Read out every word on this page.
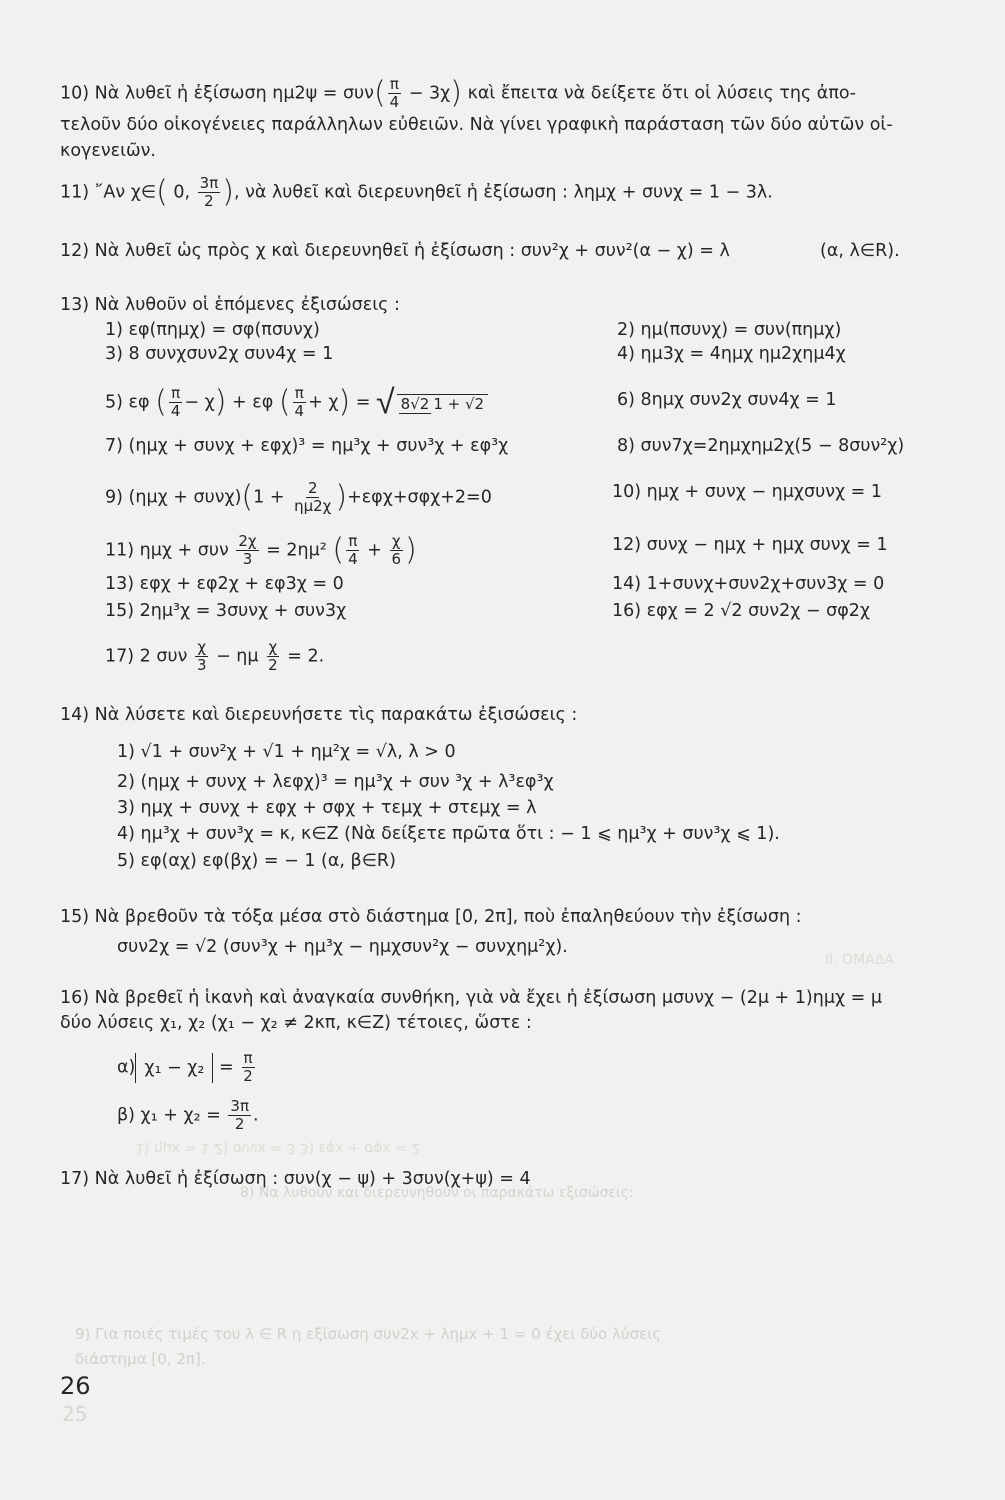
ΙΙ. ΟΜΑΔΑ
1) ημx = 1 2) συνx = 3 3) εφx + σφx = 2
8) Να λυθούν και διερευνηθούν οι παρακάτω εξισώσεις:
9) Για ποιές τιμές του λ ∈ R η εξίσωση συν2x + λημx + 1 = 0 έχει δύο λύσεις
διάστημα [0, 2π].
10) Νὰ λυθεῖ ἡ ἐξίσωση $\eta\mu 2\psi = \sigma\upsilon\nu( \frac{\pi}{4} - 3\chi)$ καὶ ἔπειτα νὰ δείξετε ὅτι οἱ λύσεις της ἀπο-
τελοῦν δύο οἰκογένειες παράλληλων εὐθειῶν. Νὰ γίνει γραφικὴ παράσταση τῶν δύο αὐτῶν οἰ-
κογενειῶν.
11) ῎Αν χ∈( 0, $\frac{3\pi}{2}$ ), νὰ λυθεῖ καὶ διερευνηθεῖ ἡ ἐξίσωση : λημχ + συνχ = 1 − 3λ.
12) Νὰ λυθεῖ ὡς πρὸς χ καὶ διερευνηθεῖ ἡ ἐξίσωση : συν²χ + συν²(α − χ) = λ	(α, λ∈R).
13) Νὰ λυθοῦν οἱ ἑπόμενες ἐξισώσεις :
1) εφ(πημχ) = σφ(πσυνχ)	2) ημ(πσυνχ) = συν(πημχ)
3) 8 συνχσυν2χ συν4χ = 1	4) ημ3χ = 4ημχ ημ2χημ4χ
5) εφ ( $\frac{\pi}{4} - \chi) + \varepsilon\varphi$ ( $\frac{\pi}{4} + \chi$) = √ 8√2 1 + √2	6) 8ημχ συν2χ συν4χ = 1
7) (ημχ + συνχ + εφχ)³ = ημ³χ + συν³χ + εφ³χ	8) συν7χ=2ημχημ2χ(5 − 8συν²χ)
9) $(\eta\mu\chi + \sigma\upsilon\nu\chi)(1 + \frac{2}{\eta\mu 2\chi} )+\varepsilon\varphi\chi+\sigma\varphi\chi+2=0$	10) ημχ + συνχ − ημχσυνχ = 1
11) ημχ + συν $\frac{2\chi}{3} = 2\eta\mu^2$ ( $\frac{\pi}{4} + \frac{\chi}{6}$ )	12) συνχ − ημχ + ημχ συνχ = 1
13) εφχ + εφ2χ + εφ3χ = 0	14) 1+συνχ+συν2χ+συν3χ = 0
15) 2ημ³χ = 3συνχ + συν3χ	16) εφχ = 2 √2 συν2χ − σφ2χ
17) 2 συν $\frac{\chi}{3} - \eta\mu \frac{\chi}{2} = 2$.
14) Νὰ λύσετε καὶ διερευνήσετε τὶς παρακάτω ἐξισώσεις :
1) √1 + συν²χ + √1 + ημ²χ = √λ, λ > 0
2) (ημχ + συνχ + λεφχ)³ = ημ³χ + συν ³χ + λ³εφ³χ
3) ημχ + συνχ + εφχ + σφχ + τεμχ + στεμχ = λ
4) ημ³χ + συν³χ = κ, κ∈Z (Νὰ δείξετε πρῶτα ὅτι : − 1 ⩽ ημ³χ + συν³χ ⩽ 1).
5) εφ(αχ) εφ(βχ) = − 1 (α, β∈R)
15) Νὰ βρεθοῦν τὰ τόξα μέσα στὸ διάστημα [0, 2π], ποὺ ἐπαληθεύουν τὴν ἐξίσωση :
συν2χ = √2 (συν³χ + ημ³χ − ημχσυν²χ − συνχημ²χ).
16) Νὰ βρεθεῖ ἡ ἱκανὴ καὶ ἀναγκαία συνθήκη, γιὰ νὰ ἔχει ἡ ἐξίσωση μσυνχ − (2μ + 1)ημχ = μ
δύο λύσεις χ₁, χ₂ (χ₁ − χ₂ ≠ 2κπ, κ∈Z) τέτοιες, ὥστε :
α) $\chi_1 - \chi_2 = \frac{\pi}{2}$
β) $\chi_1 + \chi_2 = \frac{3\pi}{2}$ .
17) Νὰ λυθεῖ ἡ ἐξίσωση : συν(χ − ψ) + 3συν(χ+ψ) = 4
26
25
